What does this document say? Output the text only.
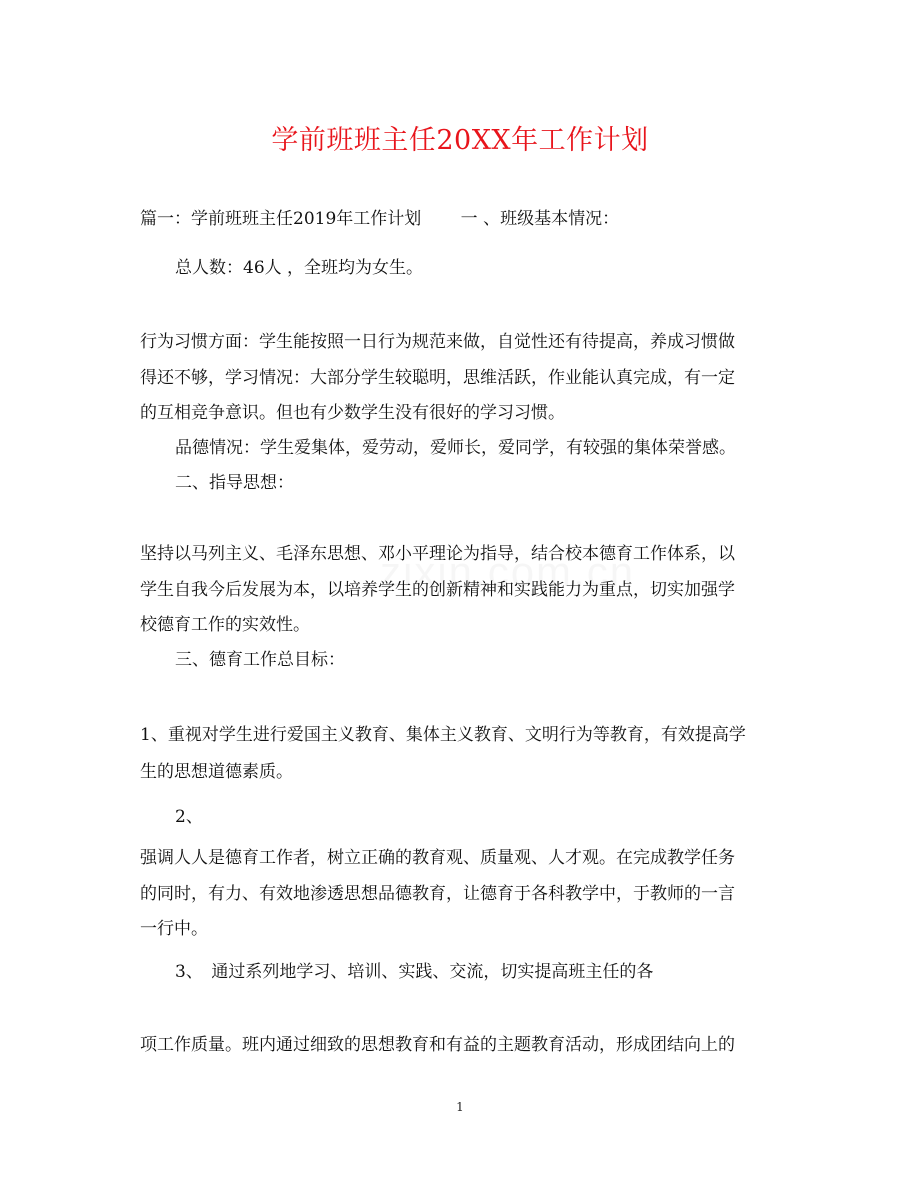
学前班班主任20XX年工作计划
篇一：学前班班主任2019年工作计划　　 一 、班级基本情况：
总人数：46人 ，全班均为女生。
行为习惯方面：学生能按照一日行为规范来做，自觉性还有待提高，养成习惯做
得还不够，学习情况：大部分学生较聪明，思维活跃，作业能认真完成，有一定
的互相竞争意识。但也有少数学生没有很好的学习习惯。
品德情况：学生爱集体，爱劳动，爱师长，爱同学，有较强的集体荣誉感。
二、指导思想：
坚持以马列主义、毛泽东思想、邓小平理论为指导，结合校本德育工作体系，以
学生自我今后发展为本，以培养学生的创新精神和实践能力为重点，切实加强学
校德育工作的实效性。
三、德育工作总目标：
1、重视对学生进行爱国主义教育、集体主义教育、文明行为等教育，有效提高学
生的思想道德素质。
2、
强调人人是德育工作者，树立正确的教育观、质量观、人才观。在完成教学任务
的同时，有力、有效地渗透思想品德教育，让德育于各科教学中，于教师的一言
一行中。
3、　通过系列地学习、培训、实践、交流，切实提高班主任的各
项工作质量。班内通过细致的思想教育和有益的主题教育活动，形成团结向上的
1
